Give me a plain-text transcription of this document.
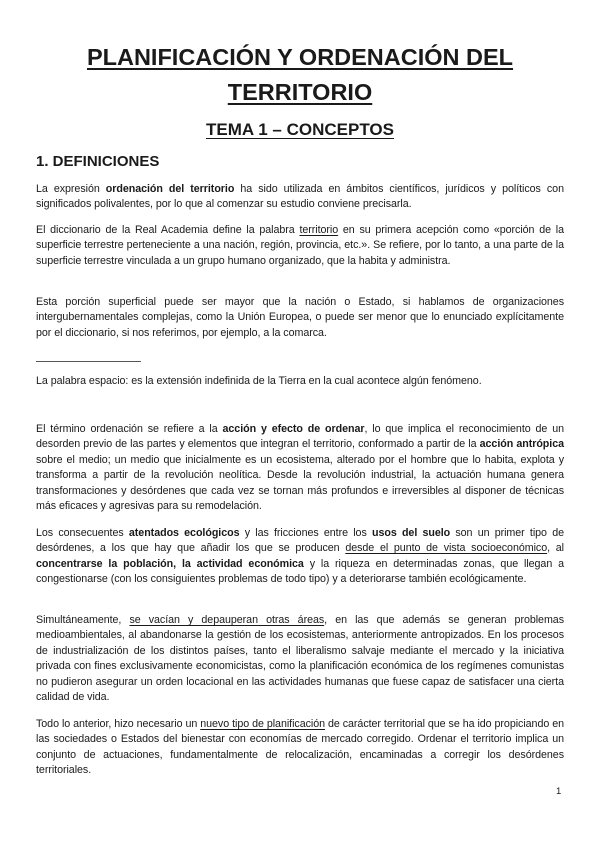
PLANIFICACIÓN Y ORDENACIÓN DEL TERRITORIO
TEMA 1 – CONCEPTOS
1. DEFINICIONES

La expresión ordenación del territorio ha sido utilizada en ámbitos científicos, jurídicos y políticos con significados polivalentes, por lo que al comenzar su estudio conviene precisarla.

El diccionario de la Real Academia define la palabra territorio en su primera acepción como «porción de la superficie terrestre perteneciente a una nación, región, provincia, etc.». Se refiere, por lo tanto, a una parte de la superficie terrestre vinculada a un grupo humano organizado, que la habita y administra.

Esta porción superficial puede ser mayor que la nación o Estado, si hablamos de organizaciones intergubernamentales complejas, como la Unión Europea, o puede ser menor que lo enunciado explícitamente por el diccionario, si nos referimos, por ejemplo, a la comarca.

La palabra espacio: es la extensión indefinida de la Tierra en la cual acontece algún fenómeno.

El término ordenación se refiere a la acción y efecto de ordenar, lo que implica el reconocimiento de un desorden previo de las partes y elementos que integran el territorio, conformado a partir de la acción antrópica sobre el medio; un medio que inicialmente es un ecosistema, alterado por el hombre que lo habita, explota y transforma a partir de la revolución neolítica. Desde la revolución industrial, la actuación humana genera transformaciones y desórdenes que cada vez se tornan más profundos e irreversibles al disponer de técnicas más eficaces y agresivas para su remodelación.

Los consecuentes atentados ecológicos y las fricciones entre los usos del suelo son un primer tipo de desórdenes, a los que hay que añadir los que se producen desde el punto de vista socioeconómico, al concentrarse la población, la actividad económica y la riqueza en determinadas zonas, que llegan a congestionarse (con los consiguientes problemas de todo tipo) y a deteriorarse también ecológicamente.

Simultáneamente, se vacían y depauperan otras áreas, en las que además se generan problemas medioambientales, al abandonarse la gestión de los ecosistemas, anteriormente antropizados. En los procesos de industrialización de los distintos países, tanto el liberalismo salvaje mediante el mercado y la iniciativa privada con fines exclusivamente economicistas, como la planificación económica de los regímenes comunistas no pudieron asegurar un orden locacional en las actividades humanas que fuese capaz de satisfacer una cierta calidad de vida.

Todo lo anterior, hizo necesario un nuevo tipo de planificación de carácter territorial que se ha ido propiciando en las sociedades o Estados del bienestar con economías de mercado corregido. Ordenar el territorio implica un conjunto de actuaciones, fundamentalmente de relocalización, encaminadas a corregir los desórdenes territoriales.

1
